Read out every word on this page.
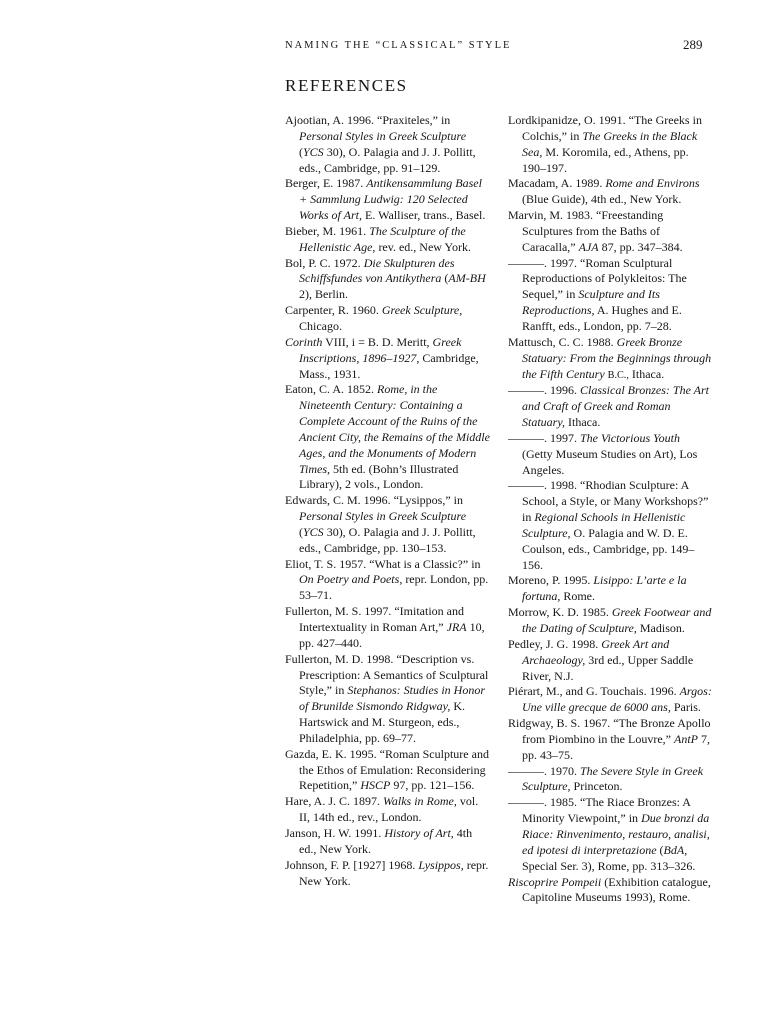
NAMING THE “CLASSICAL” STYLE	289
REFERENCES
Ajootian, A. 1996. “Praxiteles,” in Personal Styles in Greek Sculpture (YCS 30), O. Palagia and J. J. Pollitt, eds., Cambridge, pp. 91–129.
Berger, E. 1987. Antikensammlung Basel + Sammlung Ludwig: 120 Selected Works of Art, E. Walliser, trans., Basel.
Bieber, M. 1961. The Sculpture of the Hellenistic Age, rev. ed., New York.
Bol, P. C. 1972. Die Skulpturen des Schiffsfundes von Antikythera (AM-BH 2), Berlin.
Carpenter, R. 1960. Greek Sculpture, Chicago.
Corinth VIII, i = B. D. Meritt, Greek Inscriptions, 1896–1927, Cambridge, Mass., 1931.
Eaton, C. A. 1852. Rome, in the Nineteenth Century: Containing a Complete Account of the Ruins of the Ancient City, the Remains of the Middle Ages, and the Monuments of Modern Times, 5th ed. (Bohn’s Illustrated Library), 2 vols., London.
Edwards, C. M. 1996. “Lysippos,” in Personal Styles in Greek Sculpture (YCS 30), O. Palagia and J. J. Pollitt, eds., Cambridge, pp. 130–153.
Eliot, T. S. 1957. “What is a Classic?” in On Poetry and Poets, repr. London, pp. 53–71.
Fullerton, M. S. 1997. “Imitation and Intertextuality in Roman Art,” JRA 10, pp. 427–440.
Fullerton, M. D. 1998. “Description vs. Prescription: A Semantics of Sculptural Style,” in Stephanos: Studies in Honor of Brunilde Sismondo Ridgway, K. Hartswick and M. Sturgeon, eds., Philadelphia, pp. 69–77.
Gazda, E. K. 1995. “Roman Sculpture and the Ethos of Emulation: Reconsidering Repetition,” HSCP 97, pp. 121–156.
Hare, A. J. C. 1897. Walks in Rome, vol. II, 14th ed., rev., London.
Janson, H. W. 1991. History of Art, 4th ed., New York.
Johnson, F. P. [1927] 1968. Lysippos, repr. New York.
Lordkipanidze, O. 1991. “The Greeks in Colchis,” in The Greeks in the Black Sea, M. Koromila, ed., Athens, pp. 190–197.
Macadam, A. 1989. Rome and Environs (Blue Guide), 4th ed., New York.
Marvin, M. 1983. “Freestanding Sculptures from the Baths of Caracalla,” AJA 87, pp. 347–384.
———. 1997. “Roman Sculptural Reproductions of Polykleitos: The Sequel,” in Sculpture and Its Reproductions, A. Hughes and E. Ranfft, eds., London, pp. 7–28.
Mattusch, C. C. 1988. Greek Bronze Statuary: From the Beginnings through the Fifth Century B.C., Ithaca.
———. 1996. Classical Bronzes: The Art and Craft of Greek and Roman Statuary, Ithaca.
———. 1997. The Victorious Youth (Getty Museum Studies on Art), Los Angeles.
———. 1998. “Rhodian Sculpture: A School, a Style, or Many Workshops?” in Regional Schools in Hellenistic Sculpture, O. Palagia and W. D. E. Coulson, eds., Cambridge, pp. 149–156.
Moreno, P. 1995. Lisippo: L’arte e la fortuna, Rome.
Morrow, K. D. 1985. Greek Footwear and the Dating of Sculpture, Madison.
Pedley, J. G. 1998. Greek Art and Archaeology, 3rd ed., Upper Saddle River, N.J.
Piérart, M., and G. Touchais. 1996. Argos: Une ville grecque de 6000 ans, Paris.
Ridgway, B. S. 1967. “The Bronze Apollo from Piombino in the Louvre,” AntP 7, pp. 43–75.
———. 1970. The Severe Style in Greek Sculpture, Princeton.
———. 1985. “The Riace Bronzes: A Minority Viewpoint,” in Due bronzi da Riace: Rinvenimento, restauro, analisi, ed ipotesi di interpretazione (BdA, Special Ser. 3), Rome, pp. 313–326.
Riscoprire Pompeii (Exhibition catalogue, Capitoline Museums 1993), Rome.
